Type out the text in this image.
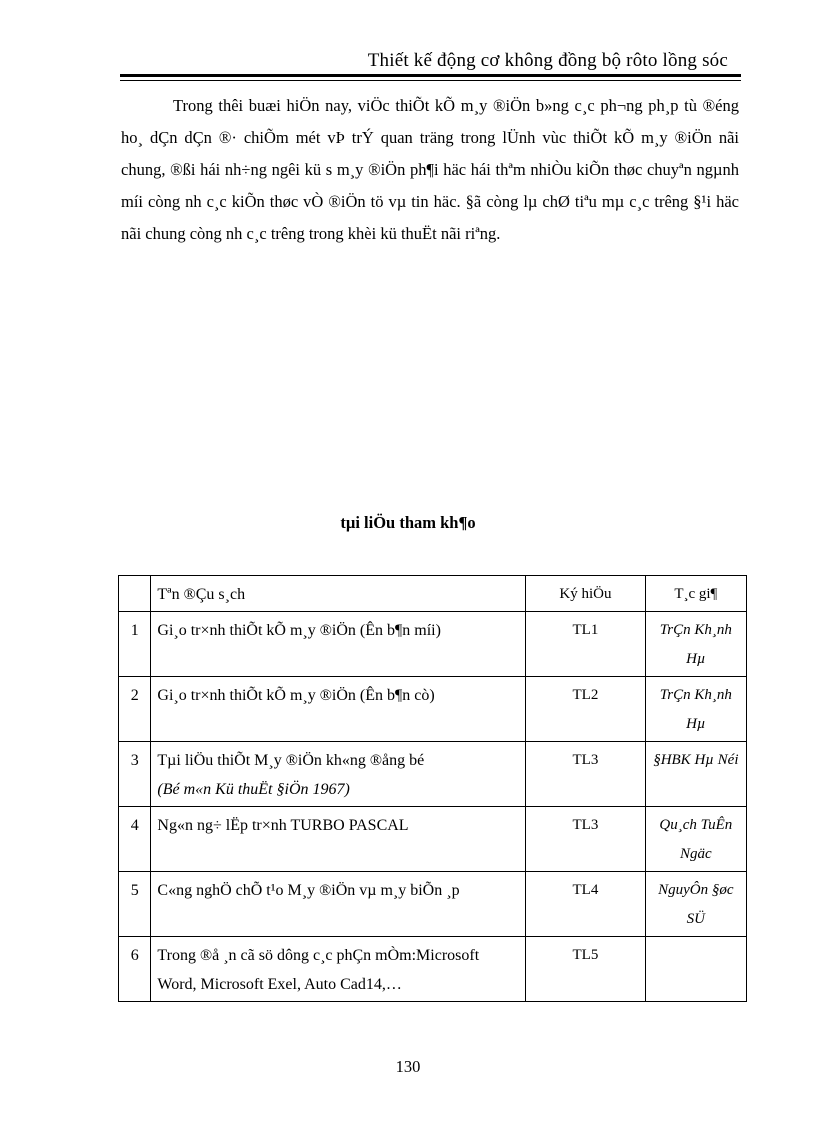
Thiết kế động cơ không đồng bộ rôto lồng sóc

Trong thêi buæi hiÖn nay, viÖc thiÕt kÕ m¸y ®iÖn b»ng c¸c ph¬ng ph¸p tù ®éng ho¸ dÇn dÇn ®· chiÕm mét vÞ trÝ quan träng trong lÜnh vùc thiÕt kÕ m¸y ®iÖn nãi chung, ®ßi hái nh÷ng ngêi kü s m¸y ®iÖn ph¶i häc hái thªm nhiÒu kiÕn thøc chuyªn ngµnh míi còng nh c¸c kiÕn thøc vÒ ®iÖn tö vµ tin häc. §ã còng lµ chØ tiªu mµ c¸c trêng §¹i häc nãi chung còng nh c¸c trêng trong khèi kü thuËt nãi riªng.

tµi liÖu tham kh¶o
	Tªn ®Çu s¸ch	Ký hiÖu	T¸c gi¶
1	Gi¸o tr×nh thiÕt kÕ m¸y ®iÖn (Ên b¶n míi)	TL1	TrÇn Kh¸nh Hµ
2	Gi¸o tr×nh thiÕt kÕ m¸y ®iÖn (Ên b¶n cò)	TL2	TrÇn Kh¸nh Hµ
3	Tµi liÖu thiÕt M¸y ®iÖn kh«ng ®ång bé
(Bé m«n Kü thuËt §iÖn 1967)	TL3	§HBK Hµ Néi
4	Ng«n ng÷ lËp tr×nh TURBO PASCAL	TL3	Qu¸ch TuÊn Ngäc
5	C«ng nghÖ chÕ t¹o M¸y ®iÖn vµ m¸y biÕn ¸p	TL4	NguyÔn §øc SÜ
6	Trong ®å ¸n cã sö dông c¸c phÇn mÒm:Microsoft Word, Microsoft Exel, Auto Cad14,…	TL5	
130
